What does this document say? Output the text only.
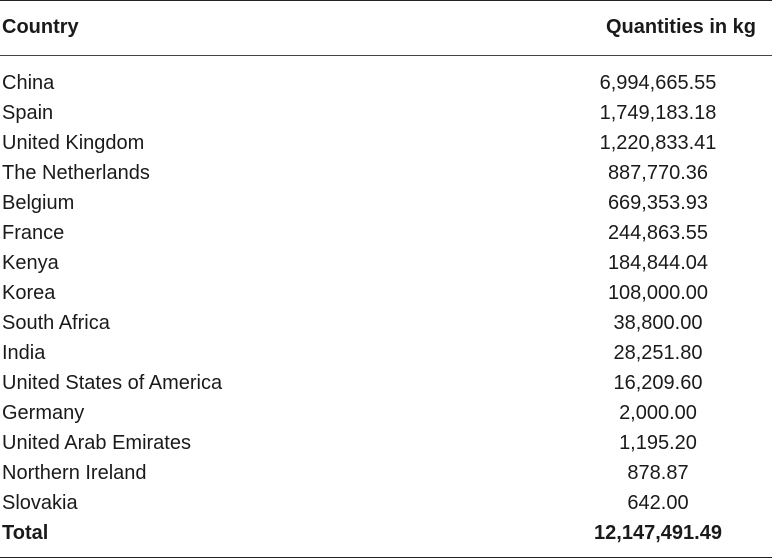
Country	Quantities in kg
China	6,994,665.55
Spain	1,749,183.18
United Kingdom	1,220,833.41
The Netherlands	887,770.36
Belgium	669,353.93
France	244,863.55
Kenya	184,844.04
Korea	108,000.00
South Africa	38,800.00
India	28,251.80
United States of America	16,209.60
Germany	2,000.00
United Arab Emirates	1,195.20
Northern Ireland	878.87
Slovakia	642.00
Total	12,147,491.49
